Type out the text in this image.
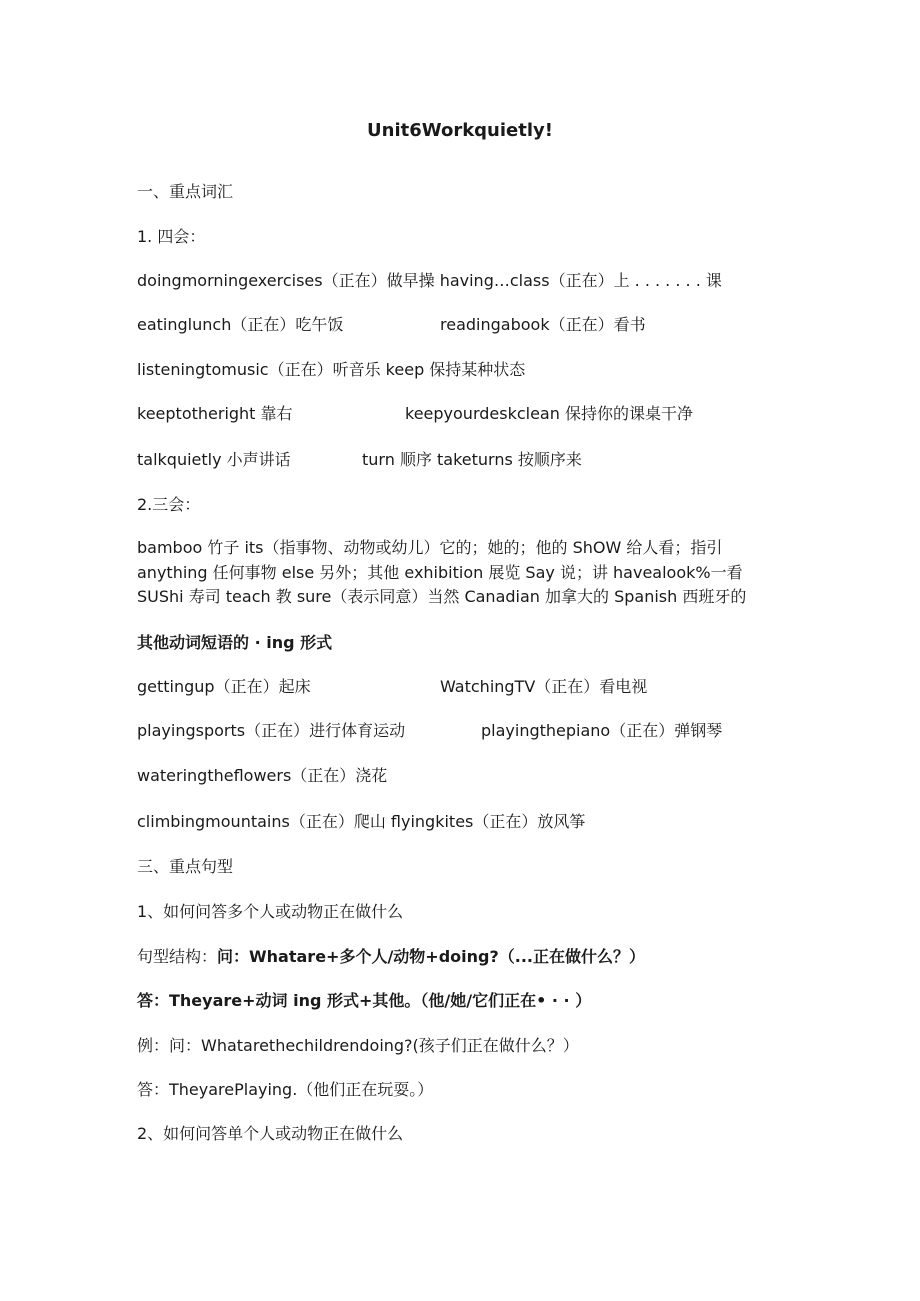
Unit6Workquietly!
一、重点词汇
1. 四会：
doingmorningexercises（正在）做早操 having…class（正在）上 . . . . . . . 课
eatinglunch（正在）吃午饭	readingabook（正在）看书
listeningtomusic（正在）听音乐 keep 保持某种状态
keeptotheright 靠右	keepyourdeskclean 保持你的课桌干净
talkquietly 小声讲话	turn 顺序 taketurns 按顺序来
2.三会：
bamboo 竹子 its（指事物、动物或幼儿）它的；她的；他的 ShOW 给人看；指引 anything 任何事物 else 另外；其他 exhibition 展览 Say 说；讲 havealook%一看 SUShi 寿司 teach 教 sure（表示同意）当然 Canadian 加拿大的 Spanish 西班牙的
其他动词短语的 · ing 形式
gettingup（正在）起床	WatchingTV（正在）看电视
playingsports（正在）进行体育运动	playingthepiano（正在）弹钢琴
wateringtheflowers（正在）浇花
climbingmountains（正在）爬山 flyingkites（正在）放风筝
三、重点句型
1、如何问答多个人或动物正在做什么
句型结构：问：Whatare+多个人/动物+doing?（...正在做什么？）
答：Theyare+动词 ing 形式+其他。（他/她/它们正在• · · ）
例：问：Whatarethechildrendoing?(孩子们正在做什么？）
答：TheyarePlaying.（他们正在玩耍。）
2、如何问答单个人或动物正在做什么
